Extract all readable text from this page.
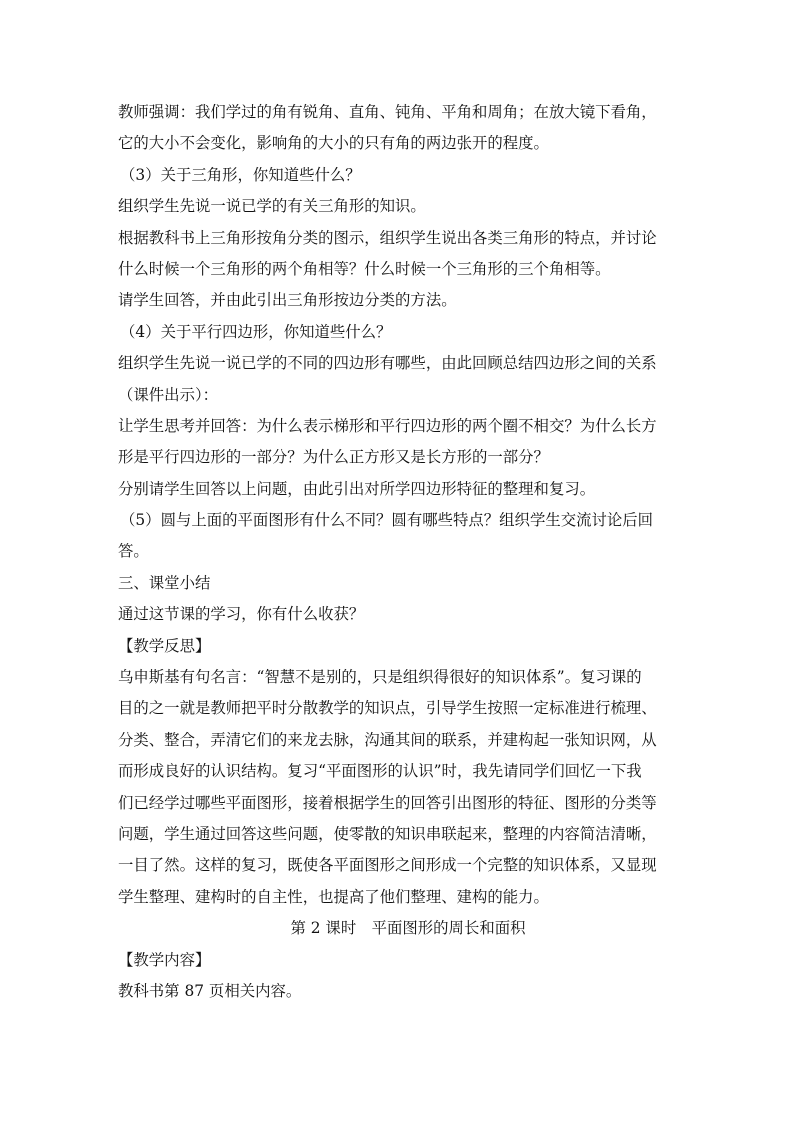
教师强调：我们学过的角有锐角、直角、钝角、平角和周角；在放大镜下看角，
它的大小不会变化，影响角的大小的只有角的两边张开的程度。
（3）关于三角形，你知道些什么？
组织学生先说一说已学的有关三角形的知识。
根据教科书上三角形按角分类的图示，组织学生说出各类三角形的特点，并讨论
什么时候一个三角形的两个角相等？什么时候一个三角形的三个角相等。
请学生回答，并由此引出三角形按边分类的方法。
（4）关于平行四边形，你知道些什么？
组织学生先说一说已学的不同的四边形有哪些，由此回顾总结四边形之间的关系
（课件出示）：
让学生思考并回答：为什么表示梯形和平行四边形的两个圈不相交？为什么长方
形是平行四边形的一部分？为什么正方形又是长方形的一部分？
分别请学生回答以上问题，由此引出对所学四边形特征的整理和复习。
（5）圆与上面的平面图形有什么不同？圆有哪些特点？组织学生交流讨论后回
答。
三、课堂小结
通过这节课的学习，你有什么收获？
【教学反思】
乌申斯基有句名言：“智慧不是别的，只是组织得很好的知识体系”。复习课的
目的之一就是教师把平时分散教学的知识点，引导学生按照一定标准进行梳理、
分类、整合，弄清它们的来龙去脉，沟通其间的联系，并建构起一张知识网，从
而形成良好的认识结构。复习“平面图形的认识”时，我先请同学们回忆一下我
们已经学过哪些平面图形，接着根据学生的回答引出图形的特征、图形的分类等
问题，学生通过回答这些问题，使零散的知识串联起来，整理的内容简洁清晰，
一目了然。这样的复习，既使各平面图形之间形成一个完整的知识体系，又显现
学生整理、建构时的自主性，也提高了他们整理、建构的能力。
第 2 课时　平面图形的周长和面积
【教学内容】
教科书第 87 页相关内容。
